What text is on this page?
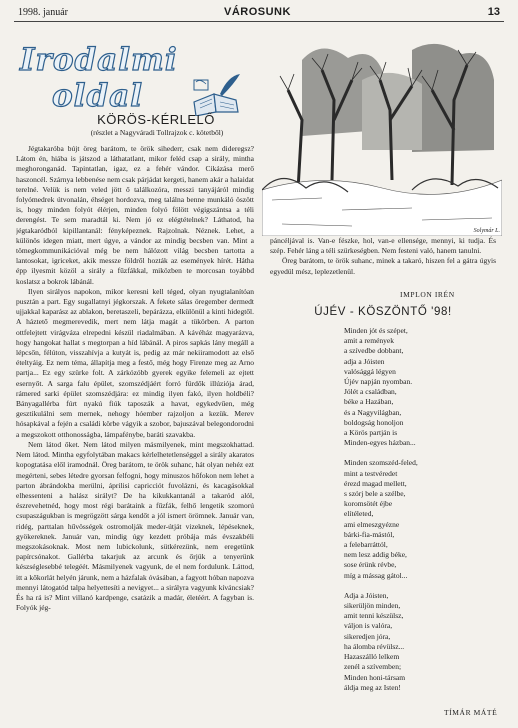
1998. január	VÁROSUNK	13
Irodalmi
oldal
KÖRÖS-KÉRLELŐ
(részlet a Nagyváradi Tollrajzok c. kötetből)
Solymár L.

Jégtakaróba bújt öreg barátom, te örök sihederr, csak nem dideregsz? Látom én, hiába is játszod a láthatatlant, mikor feléd csap a sirály, mintha meghoronganád. Tapintatlan, igaz, ez a fehér vándor. Cikázása merő haszoncél. Szárnya lebbenése nem csak párjádat kergeti, hanem akár a halaidat terelné. Velük is nem veled jött ő találkozóra, messzi tanyájáról mindig folyómedrek útvonalán, éhséget hordozva, meg találna benne munkáló öszött is, hogy minden folyót élérjen, minden folyó fölött végigszántsa a téli derengést. Te sem maradtál ki. Nem jó ez elégtételnek? Láthatod, ha jégtakaródból kipillantanál: fényképeznek. Rajzolnak. Néznek. Lehet, a különös idegen miatt, mert úgye, a vándor az mindig becsben van. Mint a tömegkommunikációval még be nem hálózott világ becsben tartotta a lantosokat, igriceket, akik messze földről hozták az események hírét. Hátha épp ilyesmit közöl a sirály a fűzfákkal, miközben te morcosan toyábbd koslatsz a bokrok lábánál.

Ilyen sirályos napokon, mikor keresni kell téged, olyan nyugtalanítóan pusztán a part. Egy sugallatnyi jégkorszak. A fekete sálas öregember dermedt ujjakkal kaparász az ablakon, beretaszeli, bepárázza, elkülönül a kinti hidegtől. A háztető megmerevedik, mert nem látja magát a tükörben. A parton ottfelejtett virágváza elrepedni készül riadalmában. A kávéház magyarázva, hogy hangokat hallat s megtorpan a híd lábánál. A piros sapkás lány megáll a lépcsőn, félúton, visszahívja a kutyát is, pedig az már nekiiramodott az első ételtyáig. Ez nem téma, állapítja meg a festő, még hogy Firenze meg az Arno partja... Ez egy szürke folt. A zárkózóbb gyerek egyike felemeli az ejtett esernyőt. A sarga falu épület, szomszédjáért forró fürdők illúziója árad, rámered sarki épület szomszédjára: ez mindig ilyen fakó, ilyen holdbéli? Bányagallérba fúrt nyakú fiúk taposzák a havat, egykedvűen, még gesztikulálni sem mernek, nehogy hóember rajzoljon a kezük. Merev hósapkával a fején a családi körbe vágyik a szobor, bajuszával belegondorodni a megszokott otthonosságba, lámpafénybe, baráti szavakba.

Nem látod őket. Nem látod milyen másmilyenek, mint megszokhattad. Nem látod. Mintha egyfolytában makacs kérlelhetetlenséggel a sirály akaratos kopogtatása elől iramodnál. Öreg barátom, te örök suhanc, hát olyan nehéz ezt megérteni, sebes létedre gyorsan felfogni, hogy minuszos hőfokon nem lehet a parton ábrándokba merülni, áprilisi capricciót fuvolázni, és kacagásokkal elhessenteni a halász sirályt? De ha kikukkantanál a takaród alól, észrevehetnéd, hogy most régi barátaink a fűzfák, felhő lengetik szomorú csupaszágukban is megrögzött sárga kendőt a jól ismert örömnek. Január van, ridég, parttalan hűvösségek ostromolják meder-útját vizeknek, lépéseknek, gyökereknek. Január van, mindig úgy kezdett próbája más évszakbéli megszokásoknak. Most nem lubickolunk, sütkérezünk, nem eregetünk papírcsónakot. Gallérba takarjuk az arcunk és őrjük a tenyerünk készséglesebbé telegéét. Másmilyenek vagyunk, de el nem fordulunk. Láttod, itt a kőkorlát helyén járunk, nem a házfalak óvásában, a fagyott hóban napozva mennyi látogatód talpa helyettesíti a nevigyet... a sirályra vagyunk kíváncsiak? És ha rá is? Mint villanó kardpenge, csatázik a madár, életéért. A fagyban is. Folyók jég-

páncéljával is. Van-e fészke, hol, van-e ellensége, mennyi, ki tudja. És szép. Fehér láng a téli szürkeségben. Nem festeni való, hanem tanulni.

Öreg barátom, te örök suhanc, minek a takaró, hiszen fel a gátra úgyis egyedül mész, leplezetlenül.

IMPLON IRÉN
ÚJÉV - KÖSZÖNTŐ '98!
Minden jót és szépet,
amit a remények
a szívedbe dobbant,
adja a Jóisten
valósággá légyen
Újév napján nyomban.
Jólét a családban,
béke a Hazában,
és a Nagyvilágban,
boldogság honoljon
a Körös partján is
Minden-egyes házban...
Minden szomszéd-feled,
mint a testvéredet
érezd magad mellett,
s szórj bele a szélbe,
koromsötét éjbe
elítéleted,
ami elmeszgyézne
bárki-fia-mástól,
a felebarráttól,
nem lesz addig béke,
sose érünk révbe,
míg a mássag gátol...
Adja a Jóisten,
sikerüljön minden,
amit tenni készülsz,
váljon is valóra,
sikeredjen jóra,
ha álomba révülsz...
Hazaszálló lelkem
zenél a szívemben;
Minden honi-társam
áldja meg az Isten!
TÍMÁR MÁTÉ
